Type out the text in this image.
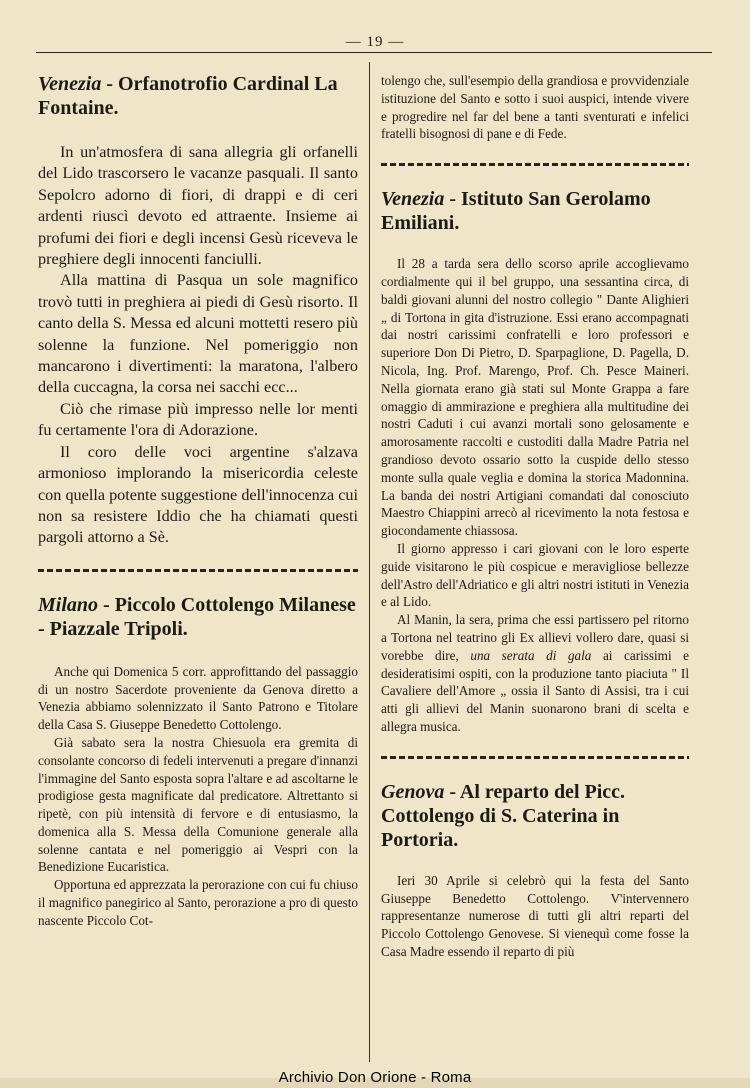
— 19 —
Venezia - Orfanotrofio Cardinal La Fontaine.

In un'atmosfera di sana allegria gli orfanelli del Lido trascorsero le vacanze pasquali. Il santo Sepolcro adorno di fiori, di drappi e di ceri ardenti riuscì devoto ed attraente. Insieme ai profumi dei fiori e degli incensi Gesù riceveva le preghiere degli innocenti fanciulli.

Alla mattina di Pasqua un sole magnifico trovò tutti in preghiera ai piedi di Gesù risorto. Il canto della S. Messa ed alcuni mottetti resero più solenne la funzione. Nel pomeriggio non mancarono i divertimenti: la maratona, l'albero della cuccagna, la corsa nei sacchi ecc...

Ciò che rimase più impresso nelle lor menti fu certamente l'ora di Adorazione.

Il coro delle voci argentine s'alzava armonioso implorando la misericordia celeste con quella potente suggestione dell'innocenza cui non sa resistere Iddio che ha chiamati questi pargoli attorno a Sè.

Milano - Piccolo Cottolengo Milanese - Piazzale Tripoli.

Anche qui Domenica 5 corr. approfittando del passaggio di un nostro Sacerdote proveniente da Genova diretto a Venezia abbiamo solennizzato il Santo Patrono e Titolare della Casa S. Giuseppe Benedetto Cottolengo.

Già sabato sera la nostra Chiesuola era gremita di consolante concorso di fedeli intervenuti a pregare d'innanzi l'immagine del Santo esposta sopra l'altare e ad ascoltarne le prodigiose gesta magnificate dal predicatore. Altrettanto si ripetè, con più intensità di fervore e di entusiasmo, la domenica alla S. Messa della Comunione generale alla solenne cantata e nel pomeriggio ai Vespri con la Benedizione Eucaristica.

Opportuna ed apprezzata la perorazione con cui fu chiuso il magnifico panegirico al Santo, perorazione a pro di questo nascente Piccolo Cot-

tolengo che, sull'esempio della grandiosa e provvidenziale istituzione del Santo e sotto i suoi auspici, intende vivere e progredire nel far del bene a tanti sventurati e infelici fratelli bisognosi di pane e di Fede.

Venezia - Istituto San Gerolamo Emiliani.

Il 28 a tarda sera dello scorso aprile accoglievamo cordialmente qui il bel gruppo, una sessantina circa, di baldi giovani alunni del nostro collegio " Dante Alighieri „ di Tortona in gita d'istruzione. Essi erano accompagnati dai nostri carissimi confratelli e loro professori e superiore Don Di Pietro, D. Sparpaglione, D. Pagella, D. Nicola, Ing. Prof. Marengo, Prof. Ch. Pesce Maineri. Nella giornata erano già stati sul Monte Grappa a fare omaggio di ammirazione e preghiera alla multitudine dei nostri Caduti i cui avanzi mortali sono gelosamente e amorosamente raccolti e custoditi dalla Madre Patria nel grandioso devoto ossario sotto la cuspide dello stesso monte sulla quale veglia e domina la storica Madonnina. La banda dei nostri Artigiani comandati dal conosciuto Maestro Chiappini arrecò al ricevimento la nota festosa e giocondamente chiassosa.

Il giorno appresso i cari giovani con le loro esperte guide visitarono le più cospicue e meravigliose bellezze dell'Astro dell'Adriatico e gli altri nostri istituti in Venezia e al Lido.

Al Manin, la sera, prima che essi partissero pel ritorno a Tortona nel teatrino gli Ex allievi vollero dare, quasi si vorebbe dire, una serata di gala ai carissimi e desideratisimi ospiti, con la produzione tanto piaciuta " Il Cavaliere dell'Amore „ ossia il Santo di Assisi, tra i cui atti gli allievi del Manin suonarono brani di scelta e allegra musica.

Genova - Al reparto del Picc. Cottolengo di S. Caterina in Portoria.

Ieri 30 Aprile si celebrò qui la festa del Santo Giuseppe Benedetto Cottolengo. V'intervennero rappresentanze numerose di tutti gli altri reparti del Piccolo Cottolengo Genovese. Si vienequì come fosse la Casa Madre essendo il reparto di più

Archivio Don Orione - Roma
